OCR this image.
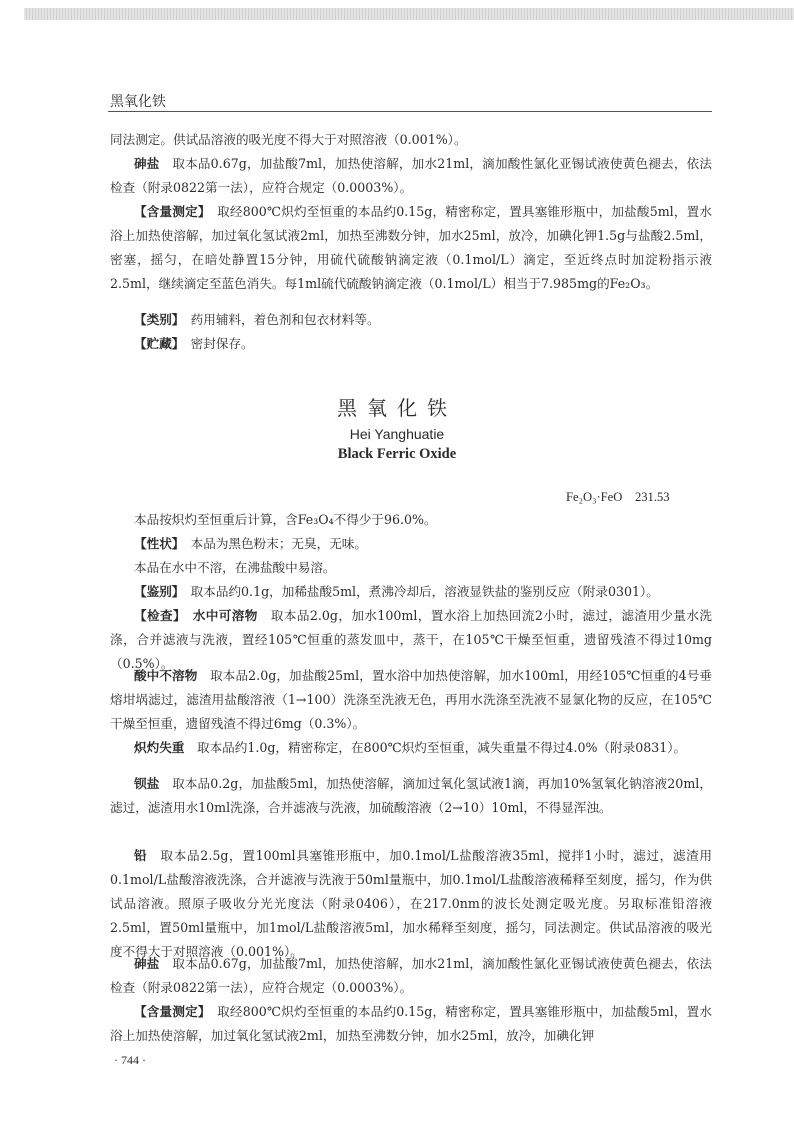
黑氧化铁

同法测定。供试品溶液的吸光度不得大于对照溶液（0.001%）。

砷盐　取本品0.67g，加盐酸7ml，加热使溶解，加水21ml，滴加酸性氯化亚锡试液使黄色褪去，依法检查（附录0822第一法），应符合规定（0.0003%）。

【含量测定】　取经800℃炽灼至恒重的本品约0.15g，精密称定，置具塞锥形瓶中，加盐酸5ml，置水浴上加热使溶解，加过氧化氢试液2ml，加热至沸数分钟，加水25ml，放冷，加碘化钾1.5g与盐酸2.5ml，密塞，摇匀，在暗处静置15分钟，用硫代硫酸钠滴定液（0.1mol/L）滴定，至近终点时加淀粉指示液2.5ml，继续滴定至蓝色消失。每1ml硫代硫酸钠滴定液（0.1mol/L）相当于7.985mg的Fe₂O₃。

【类别】　药用辅料，着色剂和包衣材料等。

【贮藏】　密封保存。

黑氧化铁
Hei Yanghuatie
Black Ferric Oxide
Fe₂O₃·FeO　231.53

本品按炽灼至恒重后计算，含Fe₃O₄不得少于96.0%。

【性状】　本品为黑色粉末；无臭，无味。

本品在水中不溶，在沸盐酸中易溶。

【鉴别】　取本品约0.1g，加稀盐酸5ml，煮沸冷却后，溶液显铁盐的鉴别反应（附录0301）。

【检查】　水中可溶物　取本品2.0g，加水100ml，置水浴上加热回流2小时，滤过，滤渣用少量水洗涤，合并滤液与洗液，置经105℃恒重的蒸发皿中，蒸干，在105℃干燥至恒重，遗留残渣不得过10mg（0.5%）。

酸中不溶物　取本品2.0g，加盐酸25ml，置水浴中加热使溶解，加水100ml，用经105℃恒重的4号垂熔坩埚滤过，滤渣用盐酸溶液（1→100）洗涤至洗液无色，再用水洗涤至洗液不显氯化物的反应，在105℃干燥至恒重，遗留残渣不得过6mg（0.3%）。

炽灼失重　取本品约1.0g，精密称定，在800℃炽灼至恒重，减失重量不得过4.0%（附录0831）。

钡盐　取本品0.2g，加盐酸5ml，加热使溶解，滴加过氧化氢试液1滴，再加10%氢氧化钠溶液20ml，滤过，滤渣用水10ml洗涤，合并滤液与洗液，加硫酸溶液（2→10）10ml，不得显浑浊。

铅　取本品2.5g，置100ml具塞锥形瓶中，加0.1mol/L盐酸溶液35ml，搅拌1小时，滤过，滤渣用0.1mol/L盐酸溶液洗涤，合并滤液与洗液于50ml量瓶中，加0.1mol/L盐酸溶液稀释至刻度，摇匀，作为供试品溶液。照原子吸收分光光度法（附录0406），在217.0nm的波长处测定吸光度。另取标准铅溶液2.5ml，置50ml量瓶中，加1mol/L盐酸溶液5ml，加水稀释至刻度，摇匀，同法测定。供试品溶液的吸光度不得大于对照溶液（0.001%）。

砷盐　取本品0.67g，加盐酸7ml，加热使溶解，加水21ml，滴加酸性氯化亚锡试液使黄色褪去，依法检查（附录0822第一法），应符合规定（0.0003%）。

【含量测定】　取经800℃炽灼至恒重的本品约0.15g，精密称定，置具塞锥形瓶中，加盐酸5ml，置水浴上加热使溶解，加过氧化氢试液2ml，加热至沸数分钟，加水25ml，放冷，加碘化钾

· 744 ·
